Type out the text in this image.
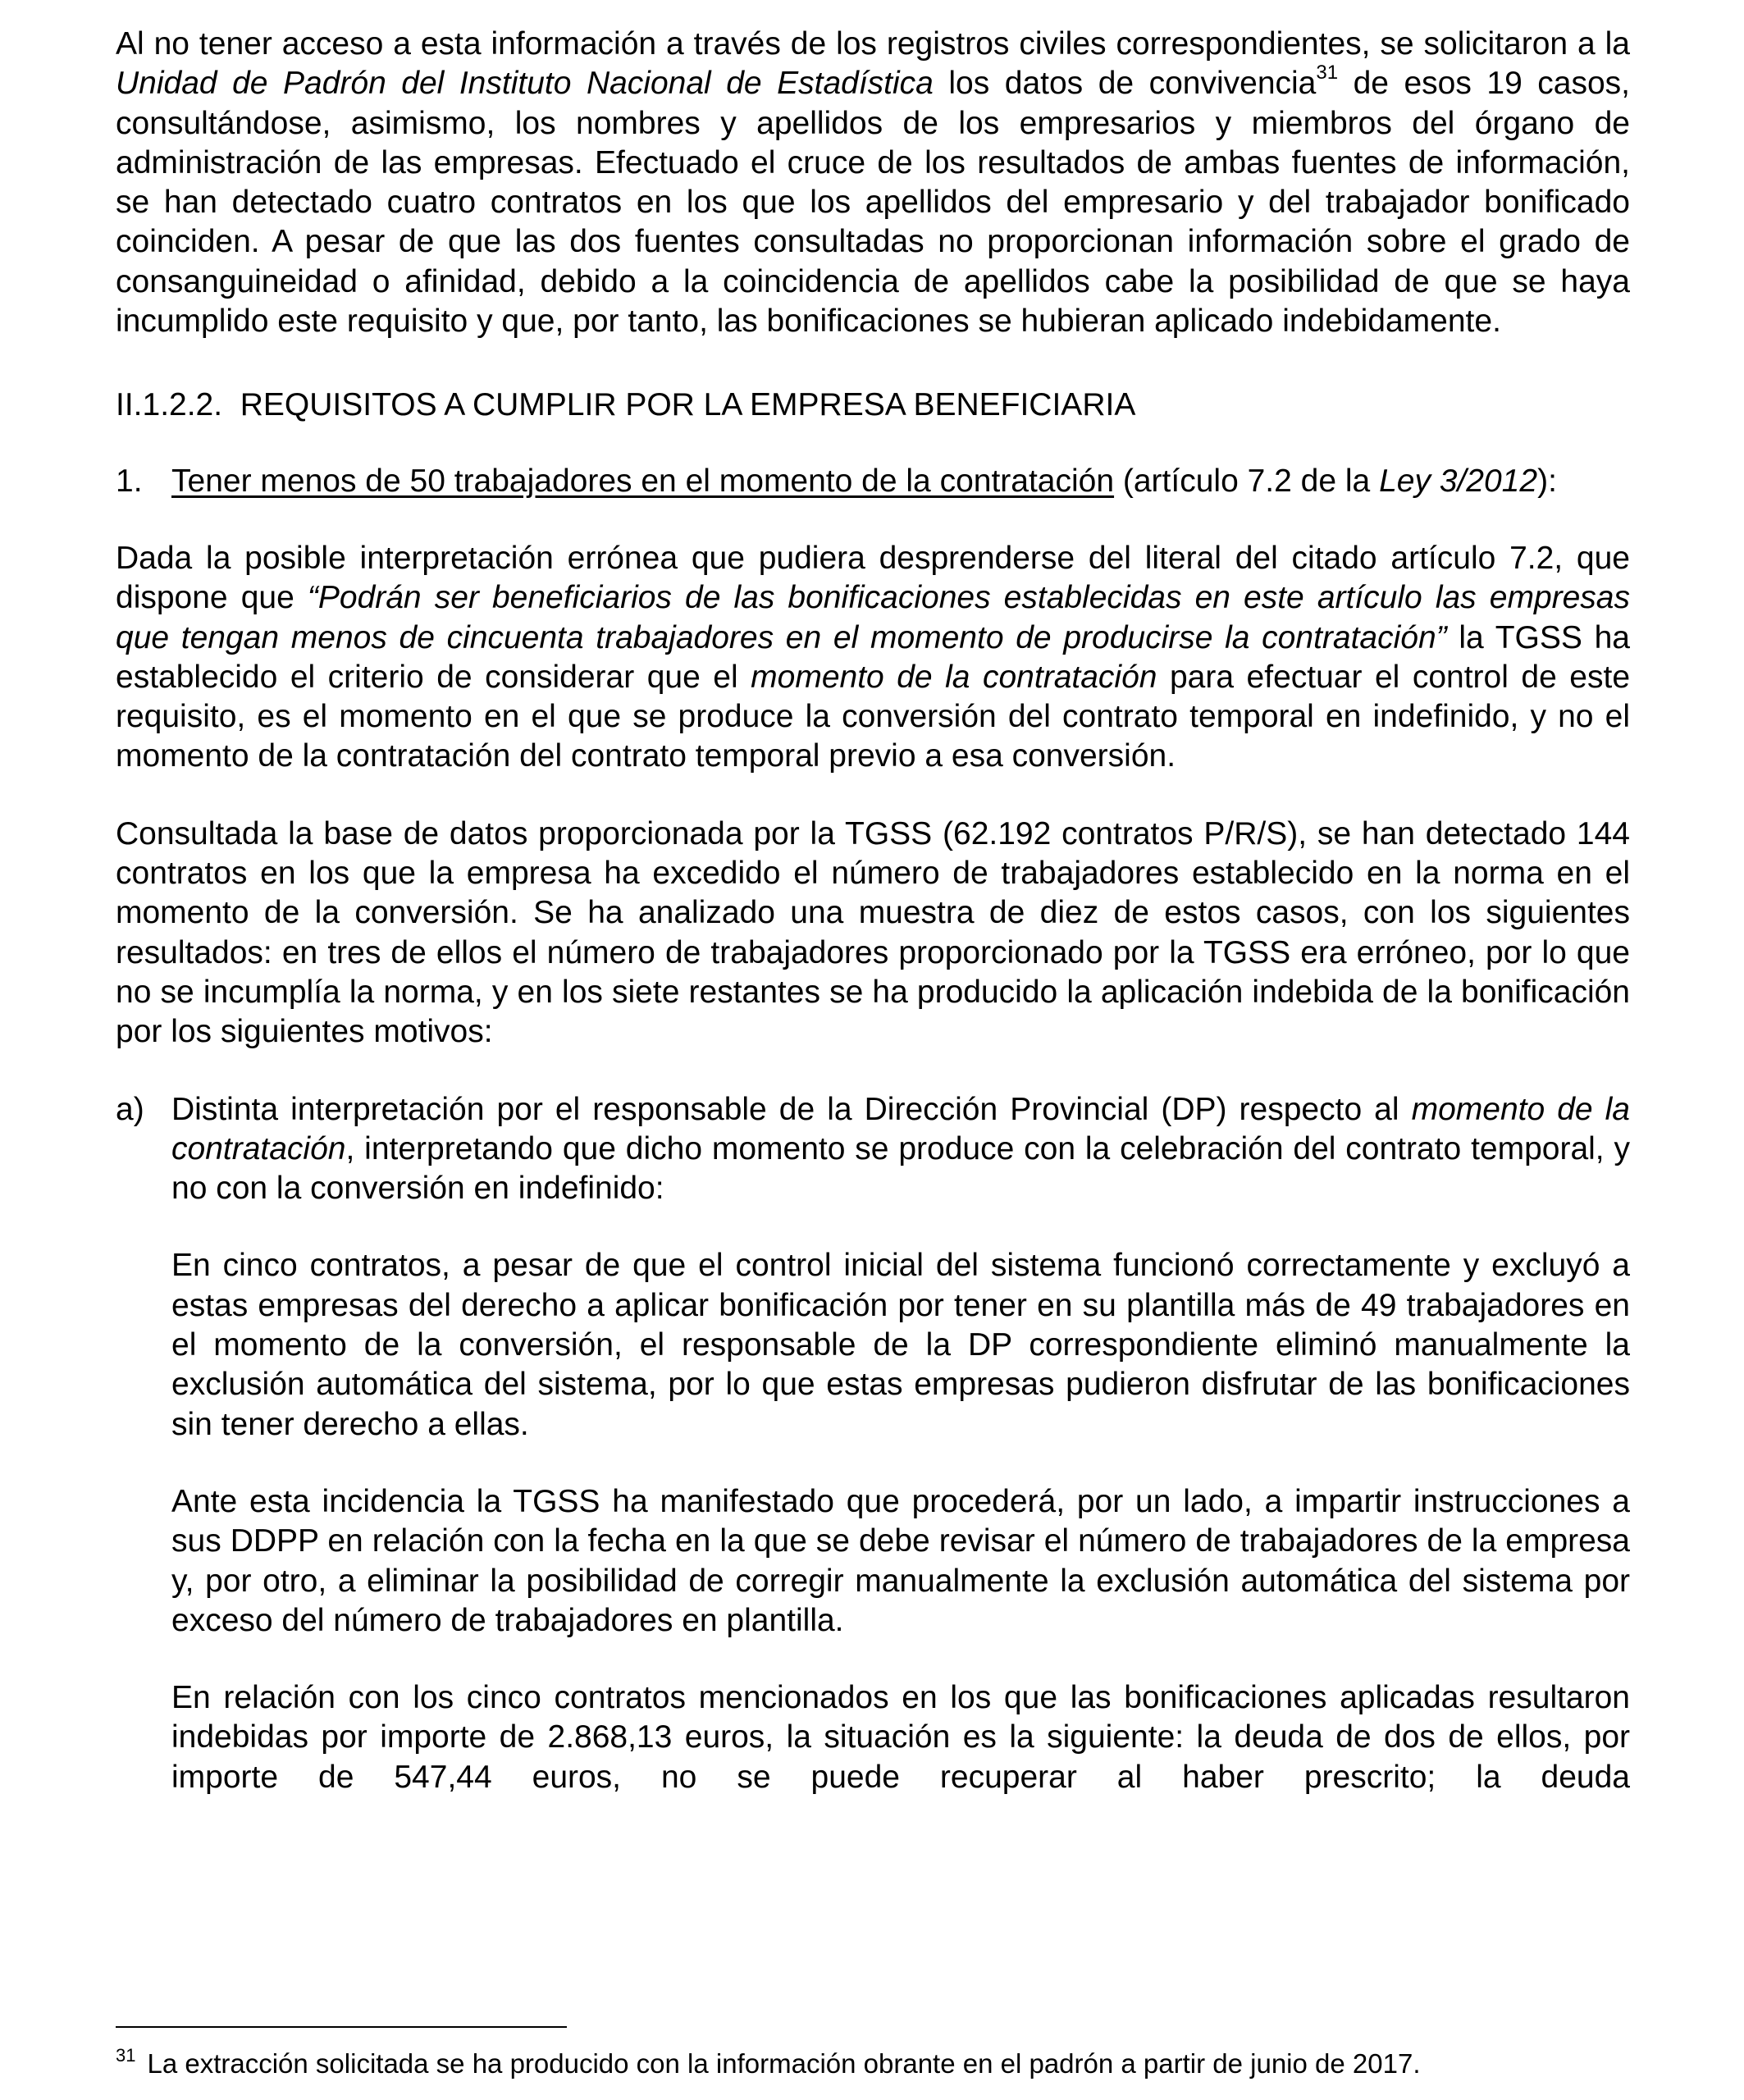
Al no tener acceso a esta información a través de los registros civiles correspondientes, se solicitaron a la Unidad de Padrón del Instituto Nacional de Estadística los datos de convivencia$^{31}$ de esos 19 casos, consultándose, asimismo, los nombres y apellidos de los empresarios y miembros del órgano de administración de las empresas. Efectuado el cruce de los resultados de ambas fuentes de información, se han detectado cuatro contratos en los que los apellidos del empresario y del trabajador bonificado coinciden. A pesar de que las dos fuentes consultadas no proporcionan información sobre el grado de consanguineidad o afinidad, debido a la coincidencia de apellidos cabe la posibilidad de que se haya incumplido este requisito y que, por tanto, las bonificaciones se hubieran aplicado indebidamente.

II.1.2.2.  REQUISITOS A CUMPLIR POR LA EMPRESA BENEFICIARIA
1. Tener menos de 50 trabajadores en el momento de la contratación (artículo 7.2 de la Ley 3/2012):

Dada la posible interpretación errónea que pudiera desprenderse del literal del citado artículo 7.2, que dispone que “Podrán ser beneficiarios de las bonificaciones establecidas en este artículo las empresas que tengan menos de cincuenta trabajadores en el momento de producirse la contratación” la TGSS ha establecido el criterio de considerar que el momento de la contratación para efectuar el control de este requisito, es el momento en el que se produce la conversión del contrato temporal en indefinido, y no el momento de la contratación del contrato temporal previo a esa conversión.

Consultada la base de datos proporcionada por la TGSS (62.192 contratos P/R/S), se han detectado 144 contratos en los que la empresa ha excedido el número de trabajadores establecido en la norma en el momento de la conversión. Se ha analizado una muestra de diez de estos casos, con los siguientes resultados: en tres de ellos el número de trabajadores proporcionado por la TGSS era erróneo, por lo que no se incumplía la norma, y en los siete restantes se ha producido la aplicación indebida de la bonificación por los siguientes motivos:

a) Distinta interpretación por el responsable de la Dirección Provincial (DP) respecto al momento de la contratación, interpretando que dicho momento se produce con la celebración del contrato temporal, y no con la conversión en indefinido:

En cinco contratos, a pesar de que el control inicial del sistema funcionó correctamente y excluyó a estas empresas del derecho a aplicar bonificación por tener en su plantilla más de 49 trabajadores en el momento de la conversión, el responsable de la DP correspondiente eliminó manualmente la exclusión automática del sistema, por lo que estas empresas pudieron disfrutar de las bonificaciones sin tener derecho a ellas.

Ante esta incidencia la TGSS ha manifestado que procederá, por un lado, a impartir instrucciones a sus DDPP en relación con la fecha en la que se debe revisar el número de trabajadores de la empresa y, por otro, a eliminar la posibilidad de corregir manualmente la exclusión automática del sistema por exceso del número de trabajadores en plantilla.

En relación con los cinco contratos mencionados en los que las bonificaciones aplicadas resultaron indebidas por importe de 2.868,13 euros, la situación es la siguiente: la deuda de dos de ellos, por importe de 547,44 euros, no se puede recuperar al haber prescrito; la deuda

$^{31}$ La extracción solicitada se ha producido con la información obrante en el padrón a partir de junio de 2017.
